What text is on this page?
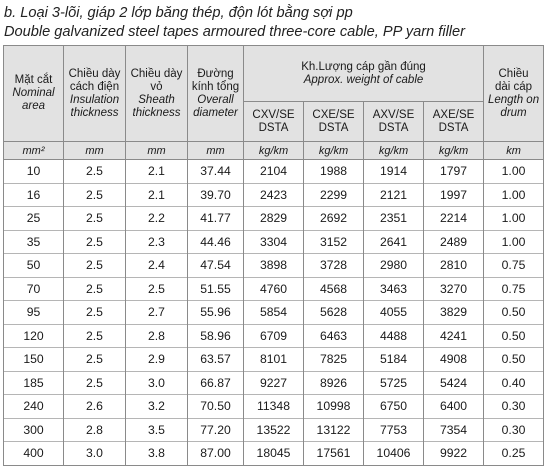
b. Loại 3-lõi, giáp 2 lớp băng thép, độn lót bằng sợi pp
Double galvanized steel tapes armoured three-core cable, PP yarn filler
Mặt cắt
Nominal
area	Chiều dày
cách điện
Insulation
thickness	Chiều dày
vỏ
Sheath
thickness	Đường
kính tổng
Overall
diameter	Kh.Lượng cáp gần đúng
Approx. weight of cable				Chiều
dài cáp
Length on
drum

				CXV/SE
DSTA	CXE/SE
DSTA	AXV/SE
DSTA	AXE/SE
DSTA	

mm²	mm	mm	mm	kg/km	kg/km	kg/km	kg/km	km
10	2.5	2.1	37.44	2104	1988	1914	1797	1.00
16	2.5	2.1	39.70	2423	2299	2121	1997	1.00
25	2.5	2.2	41.77	2829	2692	2351	2214	1.00
35	2.5	2.3	44.46	3304	3152	2641	2489	1.00
50	2.5	2.4	47.54	3898	3728	2980	2810	0.75
70	2.5	2.5	51.55	4760	4568	3463	3270	0.75
95	2.5	2.7	55.96	5854	5628	4055	3829	0.50
120	2.5	2.8	58.96	6709	6463	4488	4241	0.50
150	2.5	2.9	63.57	8101	7825	5184	4908	0.50
185	2.5	3.0	66.87	9227	8926	5725	5424	0.40
240	2.6	3.2	70.50	11348	10998	6750	6400	0.30
300	2.8	3.5	77.20	13522	13122	7753	7354	0.30
400	3.0	3.8	87.00	18045	17561	10406	9922	0.25
